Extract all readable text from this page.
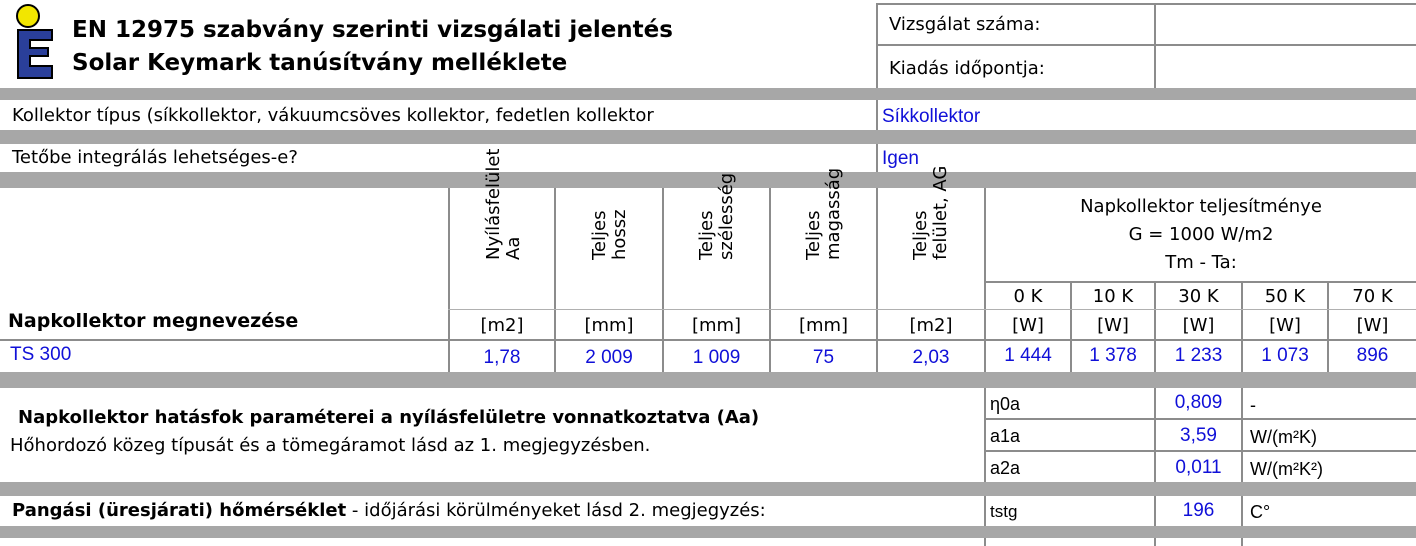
EN 12975 szabvány szerinti vizsgálati jelentés
Solar Keymark tanúsítvány melléklete
Vizsgálat száma:
Kiadás időpontja:
Kollektor típus (síkkollektor, vákuumcsöves kollektor, fedetlen kollektor	Síkkollektor
Tetőbe integrálás lehetséges-e?	Igen
Nyílásfelület Aa	Teljes hossz	Teljes szélesség	Teljes magasság	Teljes felület, AG	Napkollektor teljesítménye
G = 1000 W/m2
Tm - Ta:
0 K	10 K	30 K	50 K	70 K
Napkollektor megnevezése	[m2]	[mm]	[mm]	[mm]	[m2]	[W]	[W]	[W]	[W]	[W]
TS 300	1,78	2 009	1 009	75	2,03	1 444	1 378	1 233	1 073	896
Napkollektor hatásfok paraméterei a nyílásfelületre vonnatkoztatva (Aa)
Hőhordozó közeg típusát és a tömegáramot lásd az 1. megjegyzésben.
η0a	0,809	-
a1a	3,59	W/(m²K)
a2a	0,011	W/(m²K²)
Pangási (üresjárati) hőmérséklet - időjárási körülményeket lásd 2. megjegyzés:	tstg	196	C°
